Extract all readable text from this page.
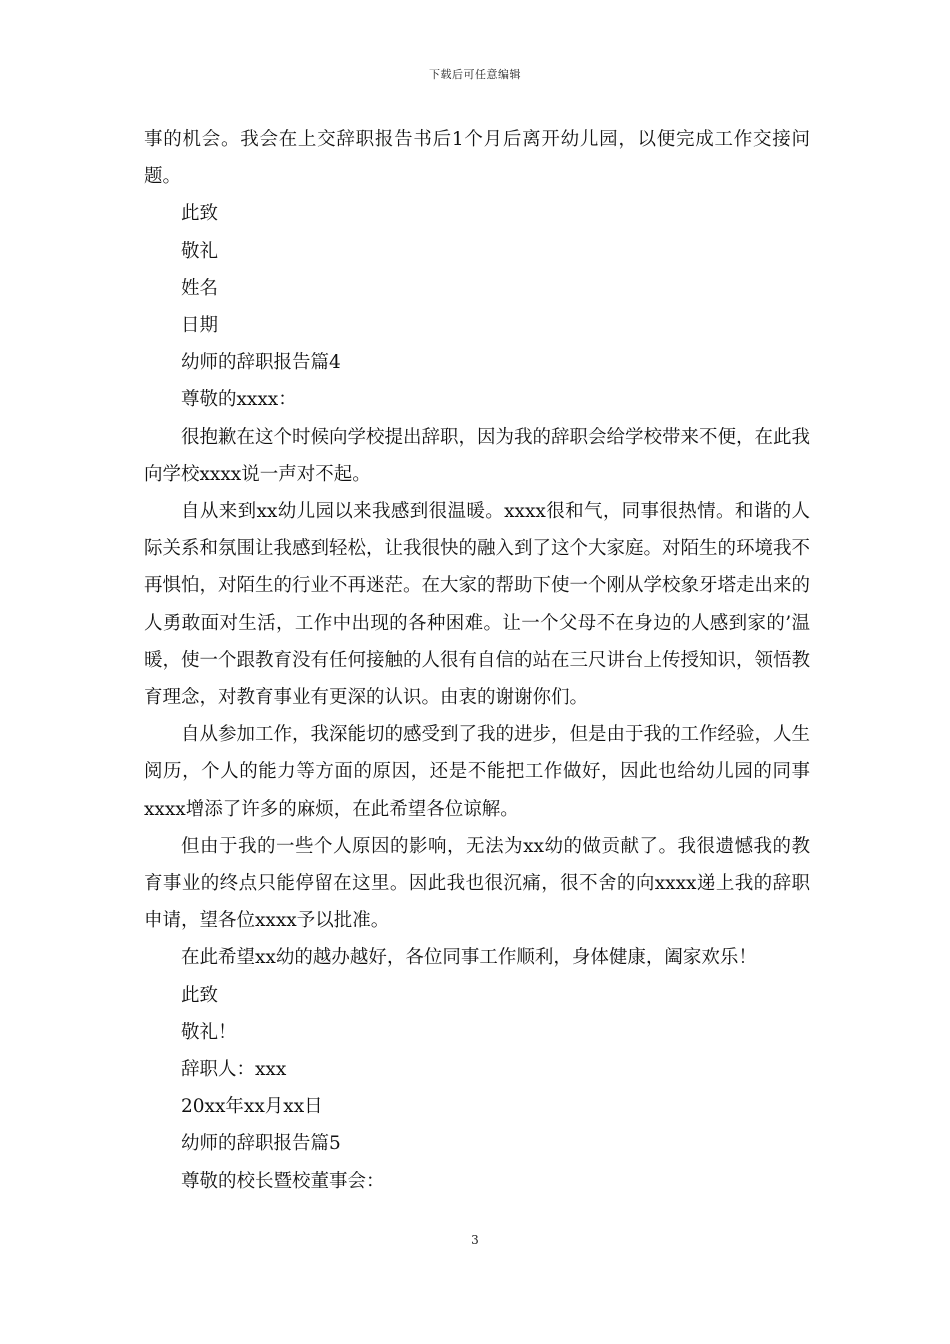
下载后可任意编辑

事的机会。我会在上交辞职报告书后1个月后离开幼儿园，以便完成工作交接问题。

此致

敬礼

姓名

日期

幼师的辞职报告篇4

尊敬的xxxx：

很抱歉在这个时候向学校提出辞职，因为我的辞职会给学校带来不便，在此我向学校xxxx说一声对不起。

自从来到xx幼儿园以来我感到很温暖。xxxx很和气，同事很热情。和谐的人际关系和氛围让我感到轻松，让我很快的融入到了这个大家庭。对陌生的环境我不再惧怕，对陌生的行业不再迷茫。在大家的帮助下使一个刚从学校象牙塔走出来的人勇敢面对生活，工作中出现的各种困难。让一个父母不在身边的人感到家的’温暖，使一个跟教育没有任何接触的人很有自信的站在三尺讲台上传授知识，领悟教育理念，对教育事业有更深的认识。由衷的谢谢你们。

自从参加工作，我深能切的感受到了我的进步，但是由于我的工作经验，人生阅历，个人的能力等方面的原因，还是不能把工作做好，因此也给幼儿园的同事xxxx增添了许多的麻烦，在此希望各位谅解。

但由于我的一些个人原因的影响，无法为xx幼的做贡献了。我很遗憾我的教育事业的终点只能停留在这里。因此我也很沉痛，很不舍的向xxxx递上我的辞职申请，望各位xxxx予以批准。

在此希望xx幼的越办越好，各位同事工作顺利，身体健康，阖家欢乐！

此致

敬礼！

辞职人：xxx

20xx年xx月xx日

幼师的辞职报告篇5

尊敬的校长暨校董事会：

3
